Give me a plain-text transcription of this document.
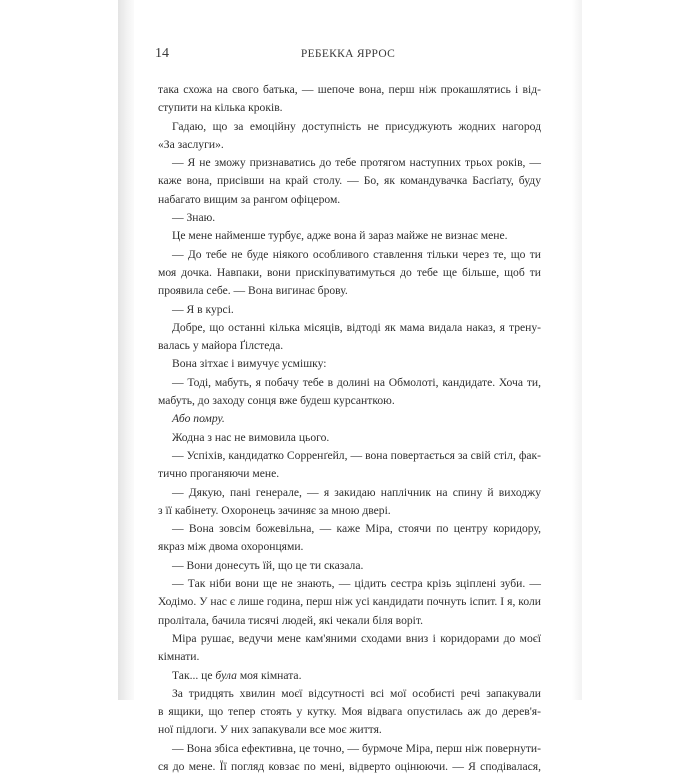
14	РЕБЕККА ЯРРОС
така схожа на свого батька, — шепоче вона, перш ніж прокашлятись і від-
ступити на кілька кроків.
Гадаю, що за емоційну доступність не присуджують жодних нагород
«За заслуги».
— Я не зможу признаватись до тебе протягом наступних трьох років, —
каже вона, присівши на край столу. — Бо, як командувачка Басґіату, буду
набагато вищим за рангом офіцером.
— Знаю.
Це мене найменше турбує, адже вона й зараз майже не визнає мене.
— До тебе не буде ніякого особливого ставлення тільки через те, що ти
моя дочка. Навпаки, вони прискіпуватимуться до тебе ще більше, щоб ти
проявила себе. — Вона вигинає брову.
— Я в курсі.
Добре, що останні кілька місяців, відтоді як мама видала наказ, я трену-
валась у майора Ґілстеда.
Вона зітхає і вимучує усмішку:
— Тоді, мабуть, я побачу тебе в долині на Обмолоті, кандидате. Хоча ти,
мабуть, до заходу сонця вже будеш курсанткою.
Або помру.
Жодна з нас не вимовила цього.
— Успіхів, кандидатко Сорренґейл, — вона повертається за свій стіл, фак-
тично проганяючи мене.
— Дякую, пані генерале, — я закидаю наплічник на спину й виходжу
з її кабінету. Охоронець зачиняє за мною двері.
— Вона зовсім божевільна, — каже Міра, стоячи по центру коридору,
якраз між двома охоронцями.
— Вони донесуть їй, що це ти сказала.
— Так ніби вони ще не знають, — цідить сестра крізь зціплені зуби. —
Ходімо. У нас є лише година, перш ніж усі кандидати почнуть іспит. І я, коли
пролітала, бачила тисячі людей, які чекали біля воріт.
Міра рушає, ведучи мене кам'яними сходами вниз і коридорами до моєї
кімнати.
Так... це була моя кімната.
За тридцять хвилин моєї відсутності всі мої особисті речі запакували
в ящики, що тепер стоять у кутку. Моя відвага опустилась аж до дерев'я-
ної підлоги. У них запакували все моє життя.
— Вона збіса ефективна, це точно, — бурмоче Міра, перш ніж повернути-
ся до мене. Її погляд ковзає по мені, відверто оцінюючи. — Я сподівалася,
